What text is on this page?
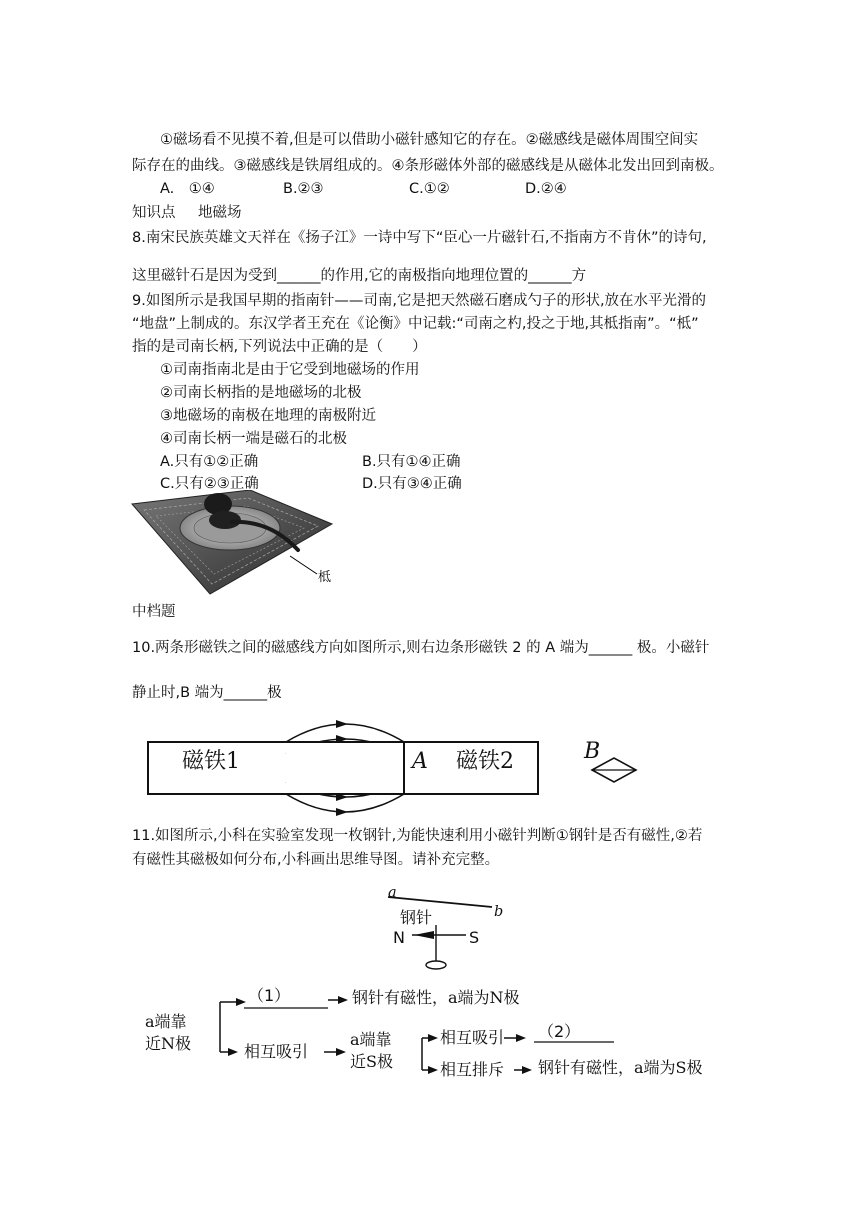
①磁场看不见摸不着,但是可以借助小磁针感知它的存在。②磁感线是磁体周围空间实
际存在的曲线。③磁感线是铁屑组成的。④条形磁体外部的磁感线是从磁体北发出回到南极。
A.　①④	B.②③	C.①②	D.②④
知识点 地磁场
8.南宋民族英雄文天祥在《扬子江》一诗中写下“臣心一片磁针石,不指南方不肯休”的诗句,
这里磁针石是因为受到______的作用,它的南极指向地理位置的______方
9.如图所示是我国早期的指南针——司南,它是把天然磁石磨成勺子的形状,放在水平光滑的
“地盘”上制成的。东汉学者王充在《论衡》中记载:“司南之杓,投之于地,其柢指南”。“柢”
指的是司南长柄,下列说法中正确的是（　　）
①司南指南北是由于它受到地磁场的作用
②司南长柄指的是地磁场的北极
③地磁场的南极在地理的南极附近
④司南长柄一端是磁石的北极
A.只有①②正确	B.只有①④正确
C.只有②③正确	D.只有③④正确
柢
中档题
10.两条形磁铁之间的磁感线方向如图所示,则右边条形磁铁 2 的 A 端为______ 极。小磁针
静止时,B 端为______极
磁铁1	A 磁铁2	B
11.如图所示,小科在实验室发现一枚钢针,为能快速利用小磁针判断①钢针是否有磁性,②若
有磁性其磁极如何分布,小科画出思维导图。请补充完整。
a
b
钢针
N	S
a端靠
近N极
（1）	钢针有磁性，a端为N极
相互吸引
a端靠
近S极
相互吸引 （2）
相互排斥 钢针有磁性，a端为S极
